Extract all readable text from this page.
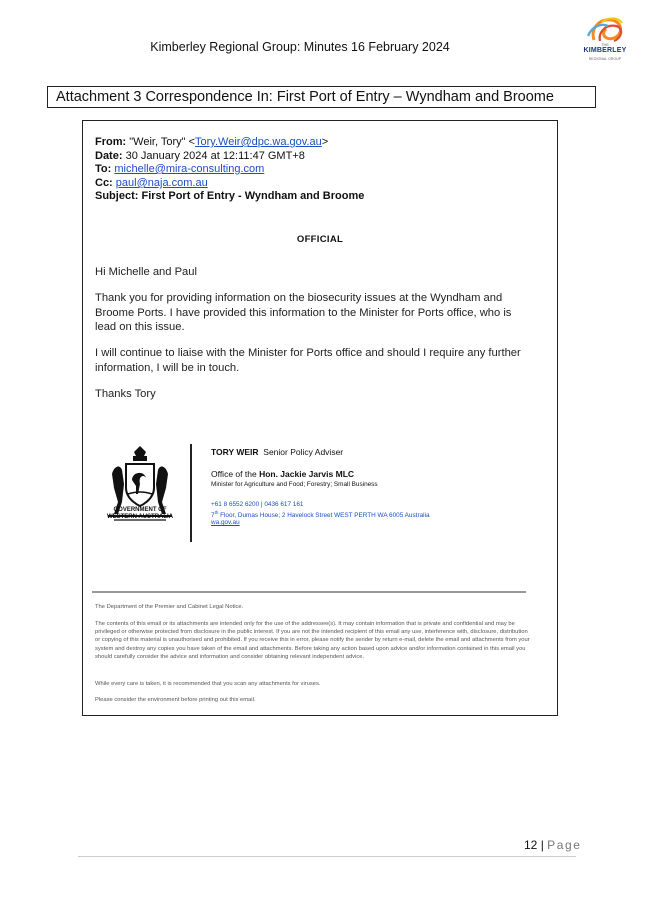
Kimberley Regional Group: Minutes 16 February 2024	THE
KIMBERLEY
REGIONAL GROUP
Attachment 3 Correspondence In: First Port of Entry – Wyndham and Broome
From: "Weir, Tory" <Tory.Weir@dpc.wa.gov.au>
Date: 30 January 2024 at 12:11:47 GMT+8
To: michelle@mira-consulting.com
Cc: paul@naja.com.au
Subject: First Port of Entry - Wyndham and Broome
OFFICIAL
Hi Michelle and Paul
Thank you for providing information on the biosecurity issues at the Wyndham and Broome Ports. I have provided this information to the Minister for Ports office, who is lead on this issue.
I will continue to liaise with the Minister for Ports office and should I require any further information, I will be in touch.
Thanks Tory
GOVERNMENT OF
WESTERN AUSTRALIA
TORY WEIR Senior Policy Adviser
Office of the Hon. Jackie Jarvis MLC
Minister for Agriculture and Food; Forestry; Small Business
+61 8 6552 6200 | 0436 617 161
7th Floor, Dumas House; 2 Havelock Street WEST PERTH WA 6005 Australia
wa.gov.au
The Department of the Premier and Cabinet Legal Notice.
The contents of this email or its attachments are intended only for the use of the addressee(s). It may contain information that is private and confidential and may be privileged or otherwise protected from disclosure in the public interest. If you are not the intended recipient of this email any use, interference with, disclosure, distribution or copying of this material is unauthorised and prohibited. If you receive this in error, please notify the sender by return e-mail, delete the email and attachments from your system and destroy any copies you have taken of the email and attachments. Before taking any action based upon advice and/or information contained in this email you should carefully consider the advice and information and consider obtaining relevant independent advice.
While every care is taken, it is recommended that you scan any attachments for viruses.
Please consider the environment before printing out this email.
12 | Page
